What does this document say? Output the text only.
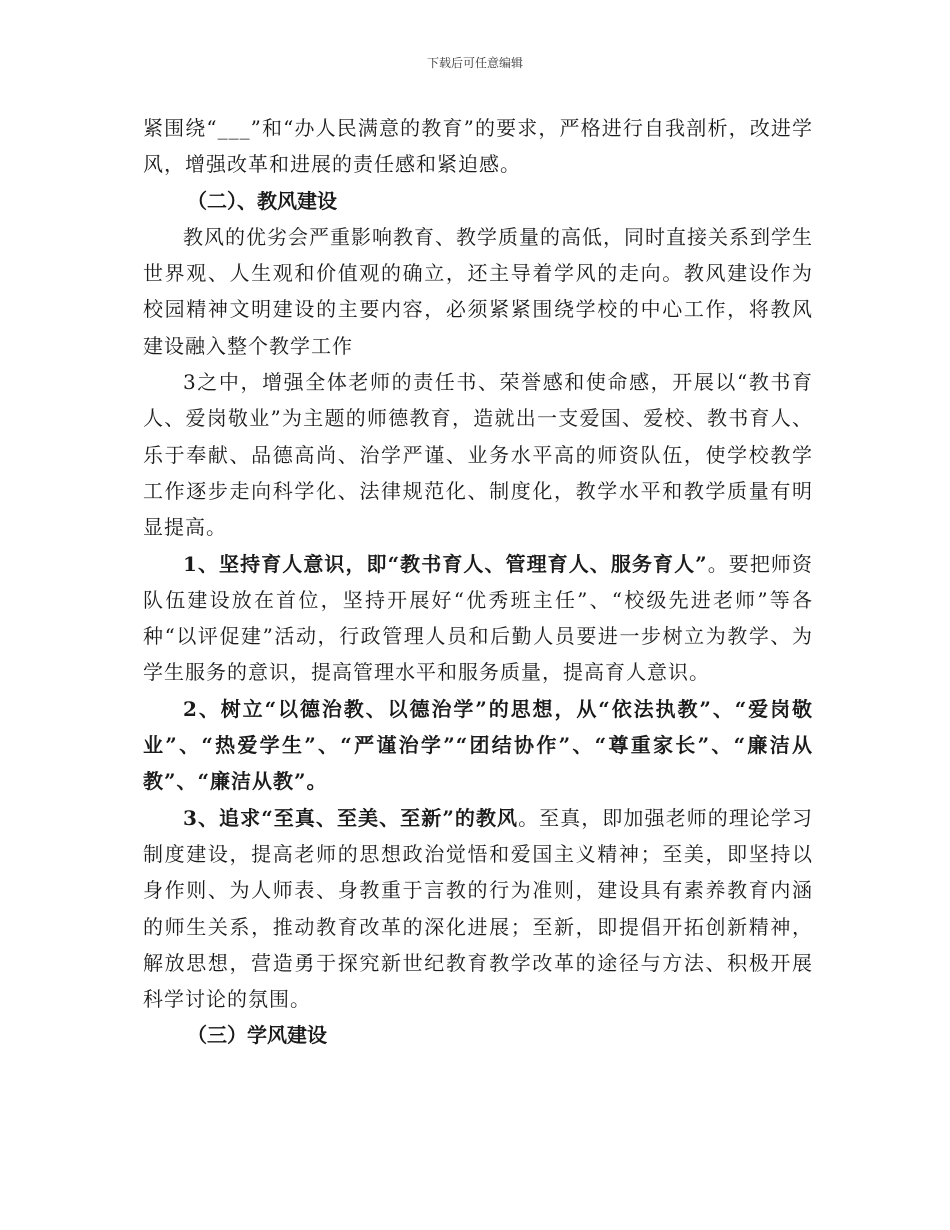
下载后可任意编辑

紧围绕“___”和“办人民满意的教育”的要求，严格进行自我剖析，改进学风，增强改革和进展的责任感和紧迫感。

（二）、教风建设

教风的优劣会严重影响教育、教学质量的高低，同时直接关系到学生世界观、人生观和价值观的确立，还主导着学风的走向。教风建设作为校园精神文明建设的主要内容，必须紧紧围绕学校的中心工作，将教风建设融入整个教学工作

3之中，增强全体老师的责任书、荣誉感和使命感，开展以“教书育人、爱岗敬业”为主题的师德教育，造就出一支爱国、爱校、教书育人、乐于奉献、品德高尚、治学严谨、业务水平高的师资队伍，使学校教学工作逐步走向科学化、法律规范化、制度化，教学水平和教学质量有明显提高。

1、坚持育人意识，即“教书育人、管理育人、服务育人”。要把师资队伍建设放在首位，坚持开展好“优秀班主任”、“校级先进老师”等各种“以评促建”活动，行政管理人员和后勤人员要进一步树立为教学、为学生服务的意识，提高管理水平和服务质量，提高育人意识。

2、树立“以德治教、以德治学”的思想，从“依法执教”、“爱岗敬业”、“热爱学生”、“严谨治学”“团结协作”、“尊重家长”、“廉洁从教”、“廉洁从教”。

3、追求“至真、至美、至新”的教风。至真，即加强老师的理论学习制度建设，提高老师的思想政治觉悟和爱国主义精神；至美，即坚持以身作则、为人师表、身教重于言教的行为准则，建设具有素养教育内涵的师生关系，推动教育改革的深化进展；至新，即提倡开拓创新精神，解放思想，营造勇于探究新世纪教育教学改革的途径与方法、积极开展科学讨论的氛围。

（三）学风建设
